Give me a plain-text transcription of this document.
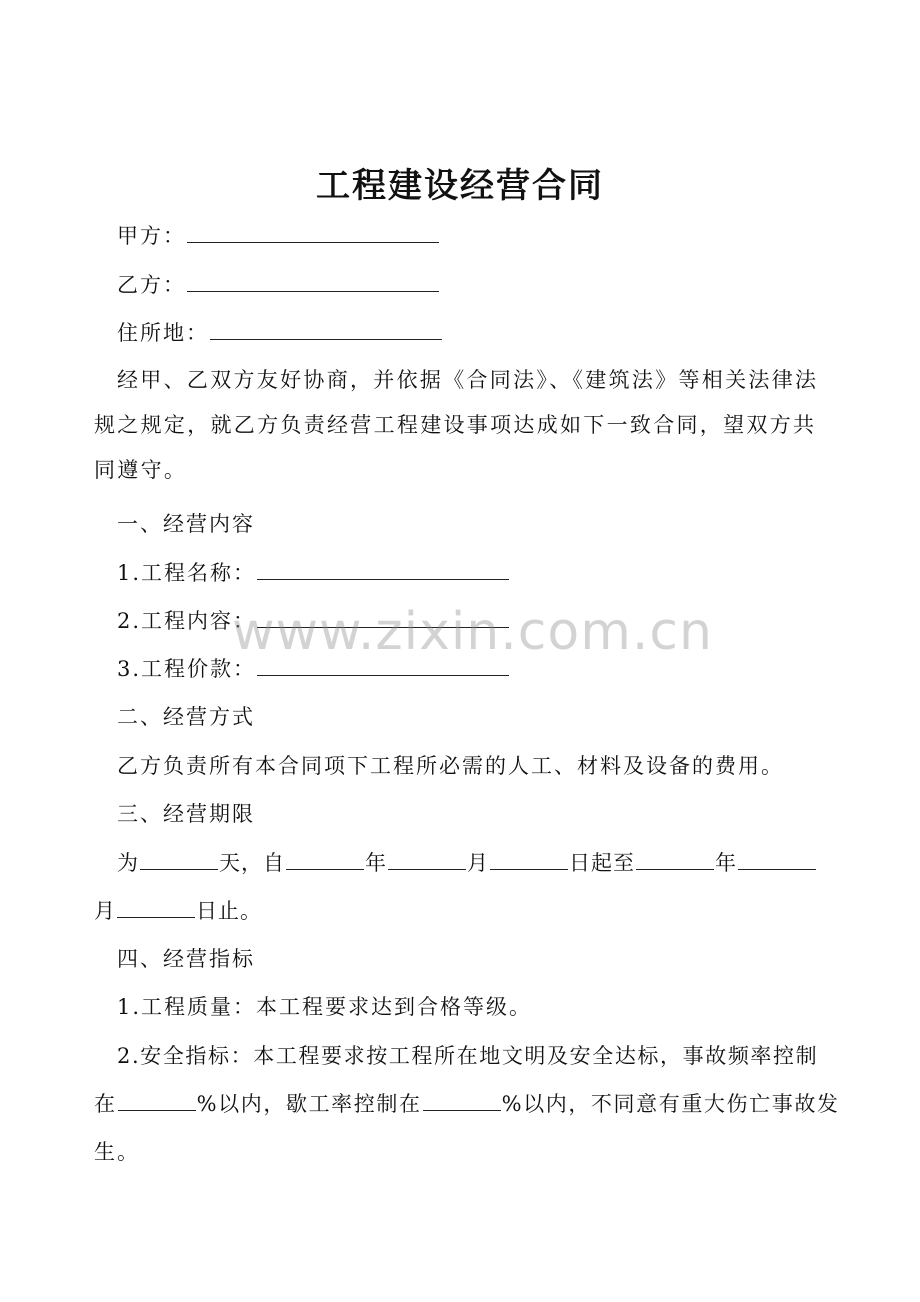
工程建设经营合同
甲方：
乙方：
住所地：
经甲、乙双方友好协商，并依据《合同法》、《建筑法》等相关法律法规之规定，就乙方负责经营工程建设事项达成如下一致合同，望双方共同遵守。
一、经营内容
1.工程名称：
2.工程内容：
3.工程价款：
二、经营方式
乙方负责所有本合同项下工程所必需的人工、材料及设备的费用。
三、经营期限
为	天，自	年	月	日起至	年
月	日止。
四、经营指标
1.工程质量：本工程要求达到合格等级。
2.安全指标：本工程要求按工程所在地文明及安全达标，事故频率控制
在	%以内，歇工率控制在	%以内，不同意有重大伤亡事故发
生。
www.zixin.com.cn
